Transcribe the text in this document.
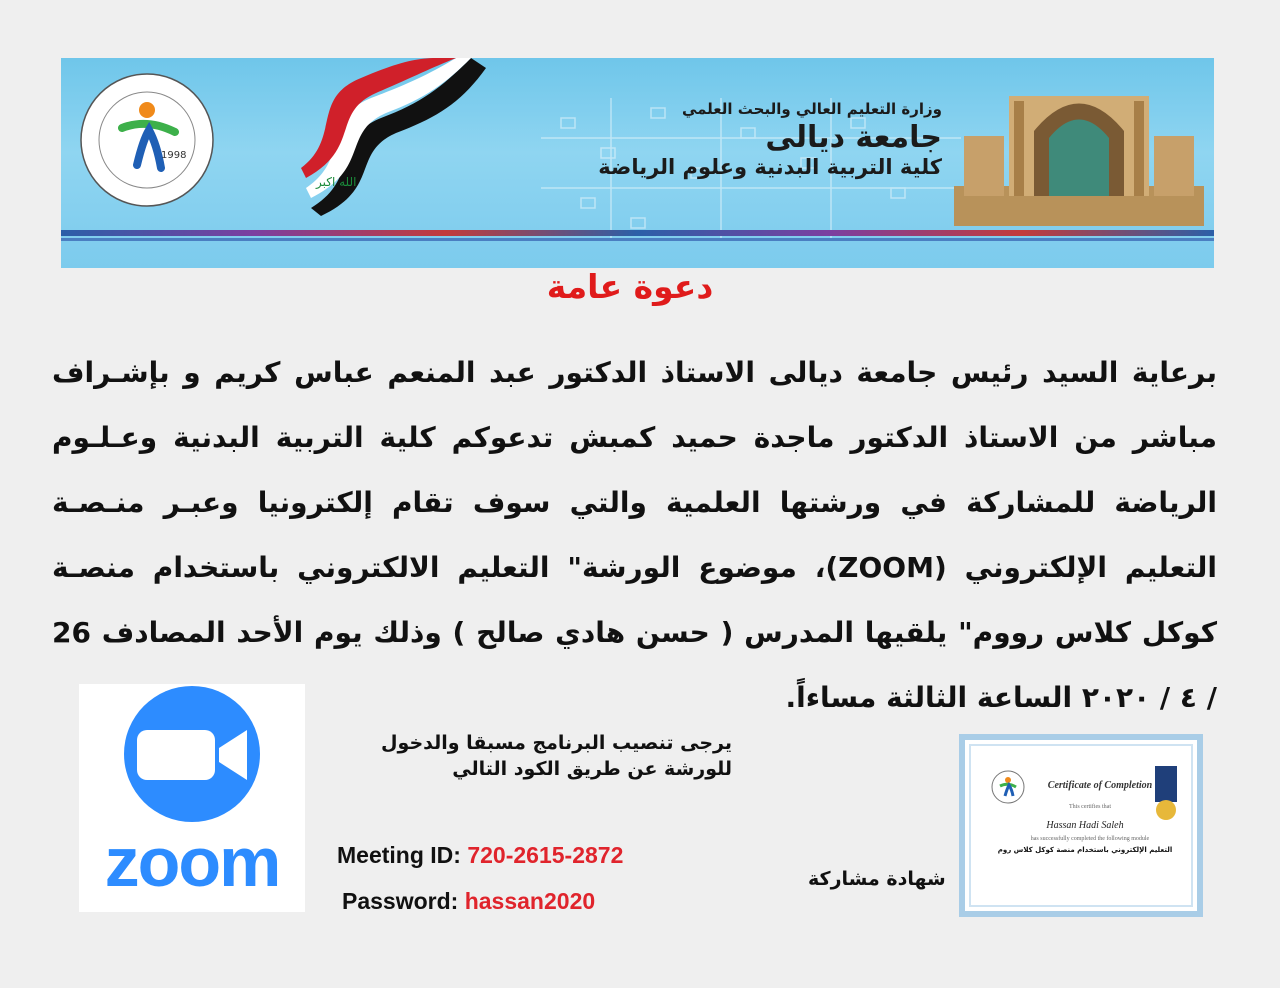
1998
الله اكبر
وزارة التعليم العالي والبحث العلمي
جامعة ديالى
كلية التربية البدنية وعلوم الرياضة
دعوة عامة
برعاية السيد رئيس جامعة ديالى الاستاذ الدكتور عبد المنعم عباس كريم و بإشـراف
مباشر من الاستاذ الدكتور ماجدة حميد كمبش تدعوكم كلية التربية البدنية وعـلـوم
الرياضة للمشاركة في ورشتها العلمية والتي سوف تقام إلكترونيا وعبـر منـصـة
التعليم الإلكتروني (ZOOM)، موضوع الورشة" التعليم الالكتروني باستخدام منصـة
كوكل كلاس رووم" يلقيها المدرس ( حسن هادي صالح ) وذلك يوم الأحد المصادف 26
/ ٤ / ٢٠٢٠ الساعة الثالثة مساءاً.
zoom
يرجى تنصيب البرنامج مسبقا والدخول
للورشة عن طريق الكود التالي
Meeting ID: 720-2615-2872
Password: hassan2020
شهادة مشاركة
Certificate of Completion
This certifies that
Hassan Hadi Saleh
has successfully completed the following module
التعليم الإلكتروني باستخدام منصة كوكل كلاس روم
